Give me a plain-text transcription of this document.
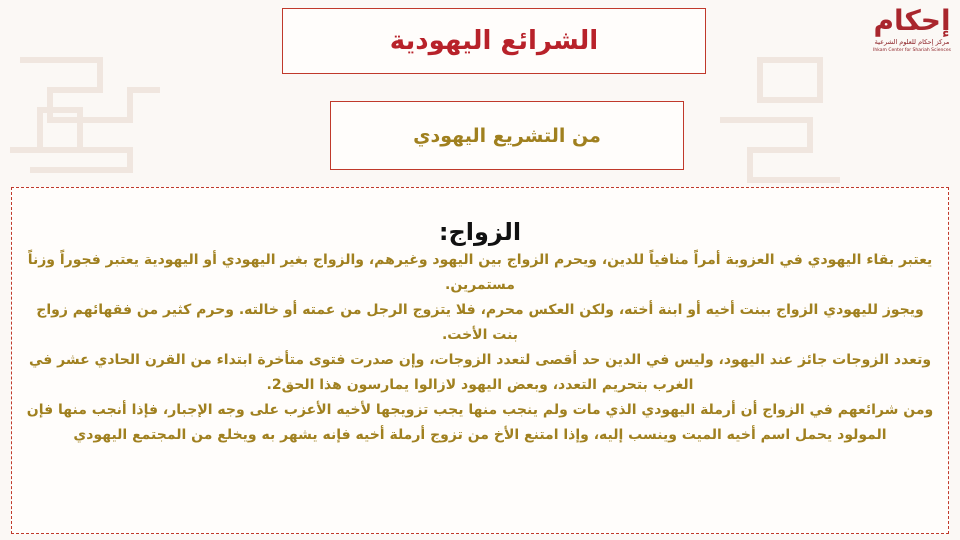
الشرائع اليهودية
من التشريع اليهودي
إحكام
مركز إحكام للعلوم الشرعية
Ihkam Center for Shariah Sciences
الزواج:

يعتبر بقاء اليهودي في العزوبة أمراً منافياً للدين، ويحرم الزواج بين اليهود وغيرهم، والزواج بغير اليهودي أو اليهودية يعتبر فجوراً وزناً مستمرين.

ويجوز لليهودي الزواج ببنت أخيه أو ابنة أخته، ولكن العكس محرم، فلا يتزوج الرجل من عمته أو خالته. وحرم كثير من فقهائهم زواج بنت الأخت.

وتعدد الزوجات جائز عند اليهود، وليس في الدين حد أقصى لتعدد الزوجات، وإن صدرت فتوى متأخرة ابتداء من القرن الحادي عشر في الغرب بتحريم التعدد، وبعض اليهود لازالوا يمارسون هذا الحق2.

ومن شرائعهم في الزواج أن أرملة اليهودي الذي مات ولم ينجب منها يجب تزويجها لأخيه الأعزب على وجه الإجبار، فإذا أنجب منها فإن المولود يحمل اسم أخيه الميت وينسب إليه، وإذا امتنع الأخ من تزوج أرملة أخيه فإنه يشهر به ويخلع من المجتمع اليهودي
